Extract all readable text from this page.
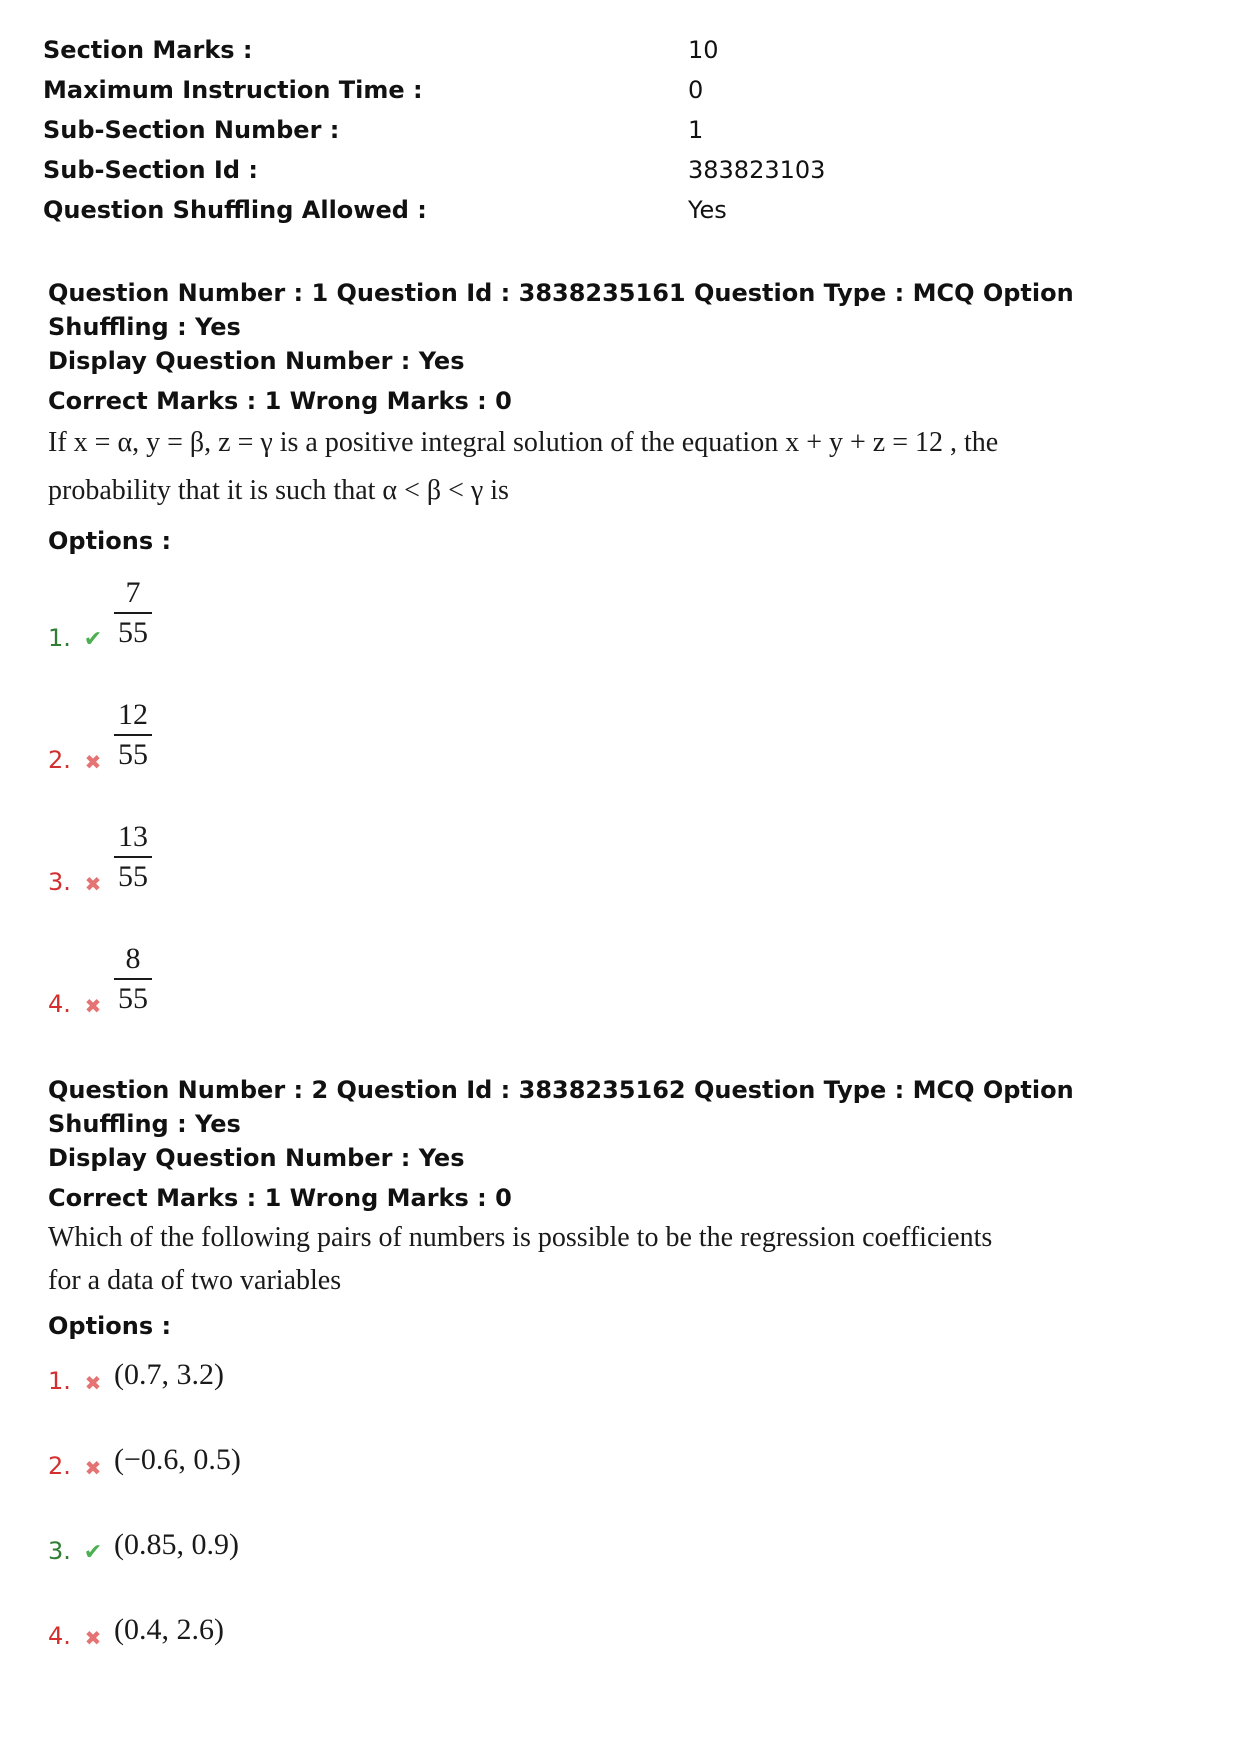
Section Marks :	10
Maximum Instruction Time :	0
Sub-Section Number :	1
Sub-Section Id :	383823103
Question Shuffling Allowed :	Yes
Question Number : 1 Question Id : 3838235161 Question Type : MCQ Option Shuffling : Yes
Display Question Number : Yes
Correct Marks : 1 Wrong Marks : 0
If x = α, y = β, z = γ is a positive integral solution of the equation x + y + z = 12 , the
probability that it is such that α < β < γ is
Options :
1. ✔ $\frac{7}{55}$
2. ✖ $\frac{12}{55}$
3. ✖ $\frac{13}{55}$
4. ✖ $\frac{8}{55}$
Question Number : 2 Question Id : 3838235162 Question Type : MCQ Option Shuffling : Yes
Display Question Number : Yes
Correct Marks : 1 Wrong Marks : 0
Which of the following pairs of numbers is possible to be the regression coefficients
for a data of two variables
Options :
1. ✖ (0.7, 3.2)
2. ✖ (−0.6, 0.5)
3. ✔ (0.85, 0.9)
4. ✖ (0.4, 2.6)
